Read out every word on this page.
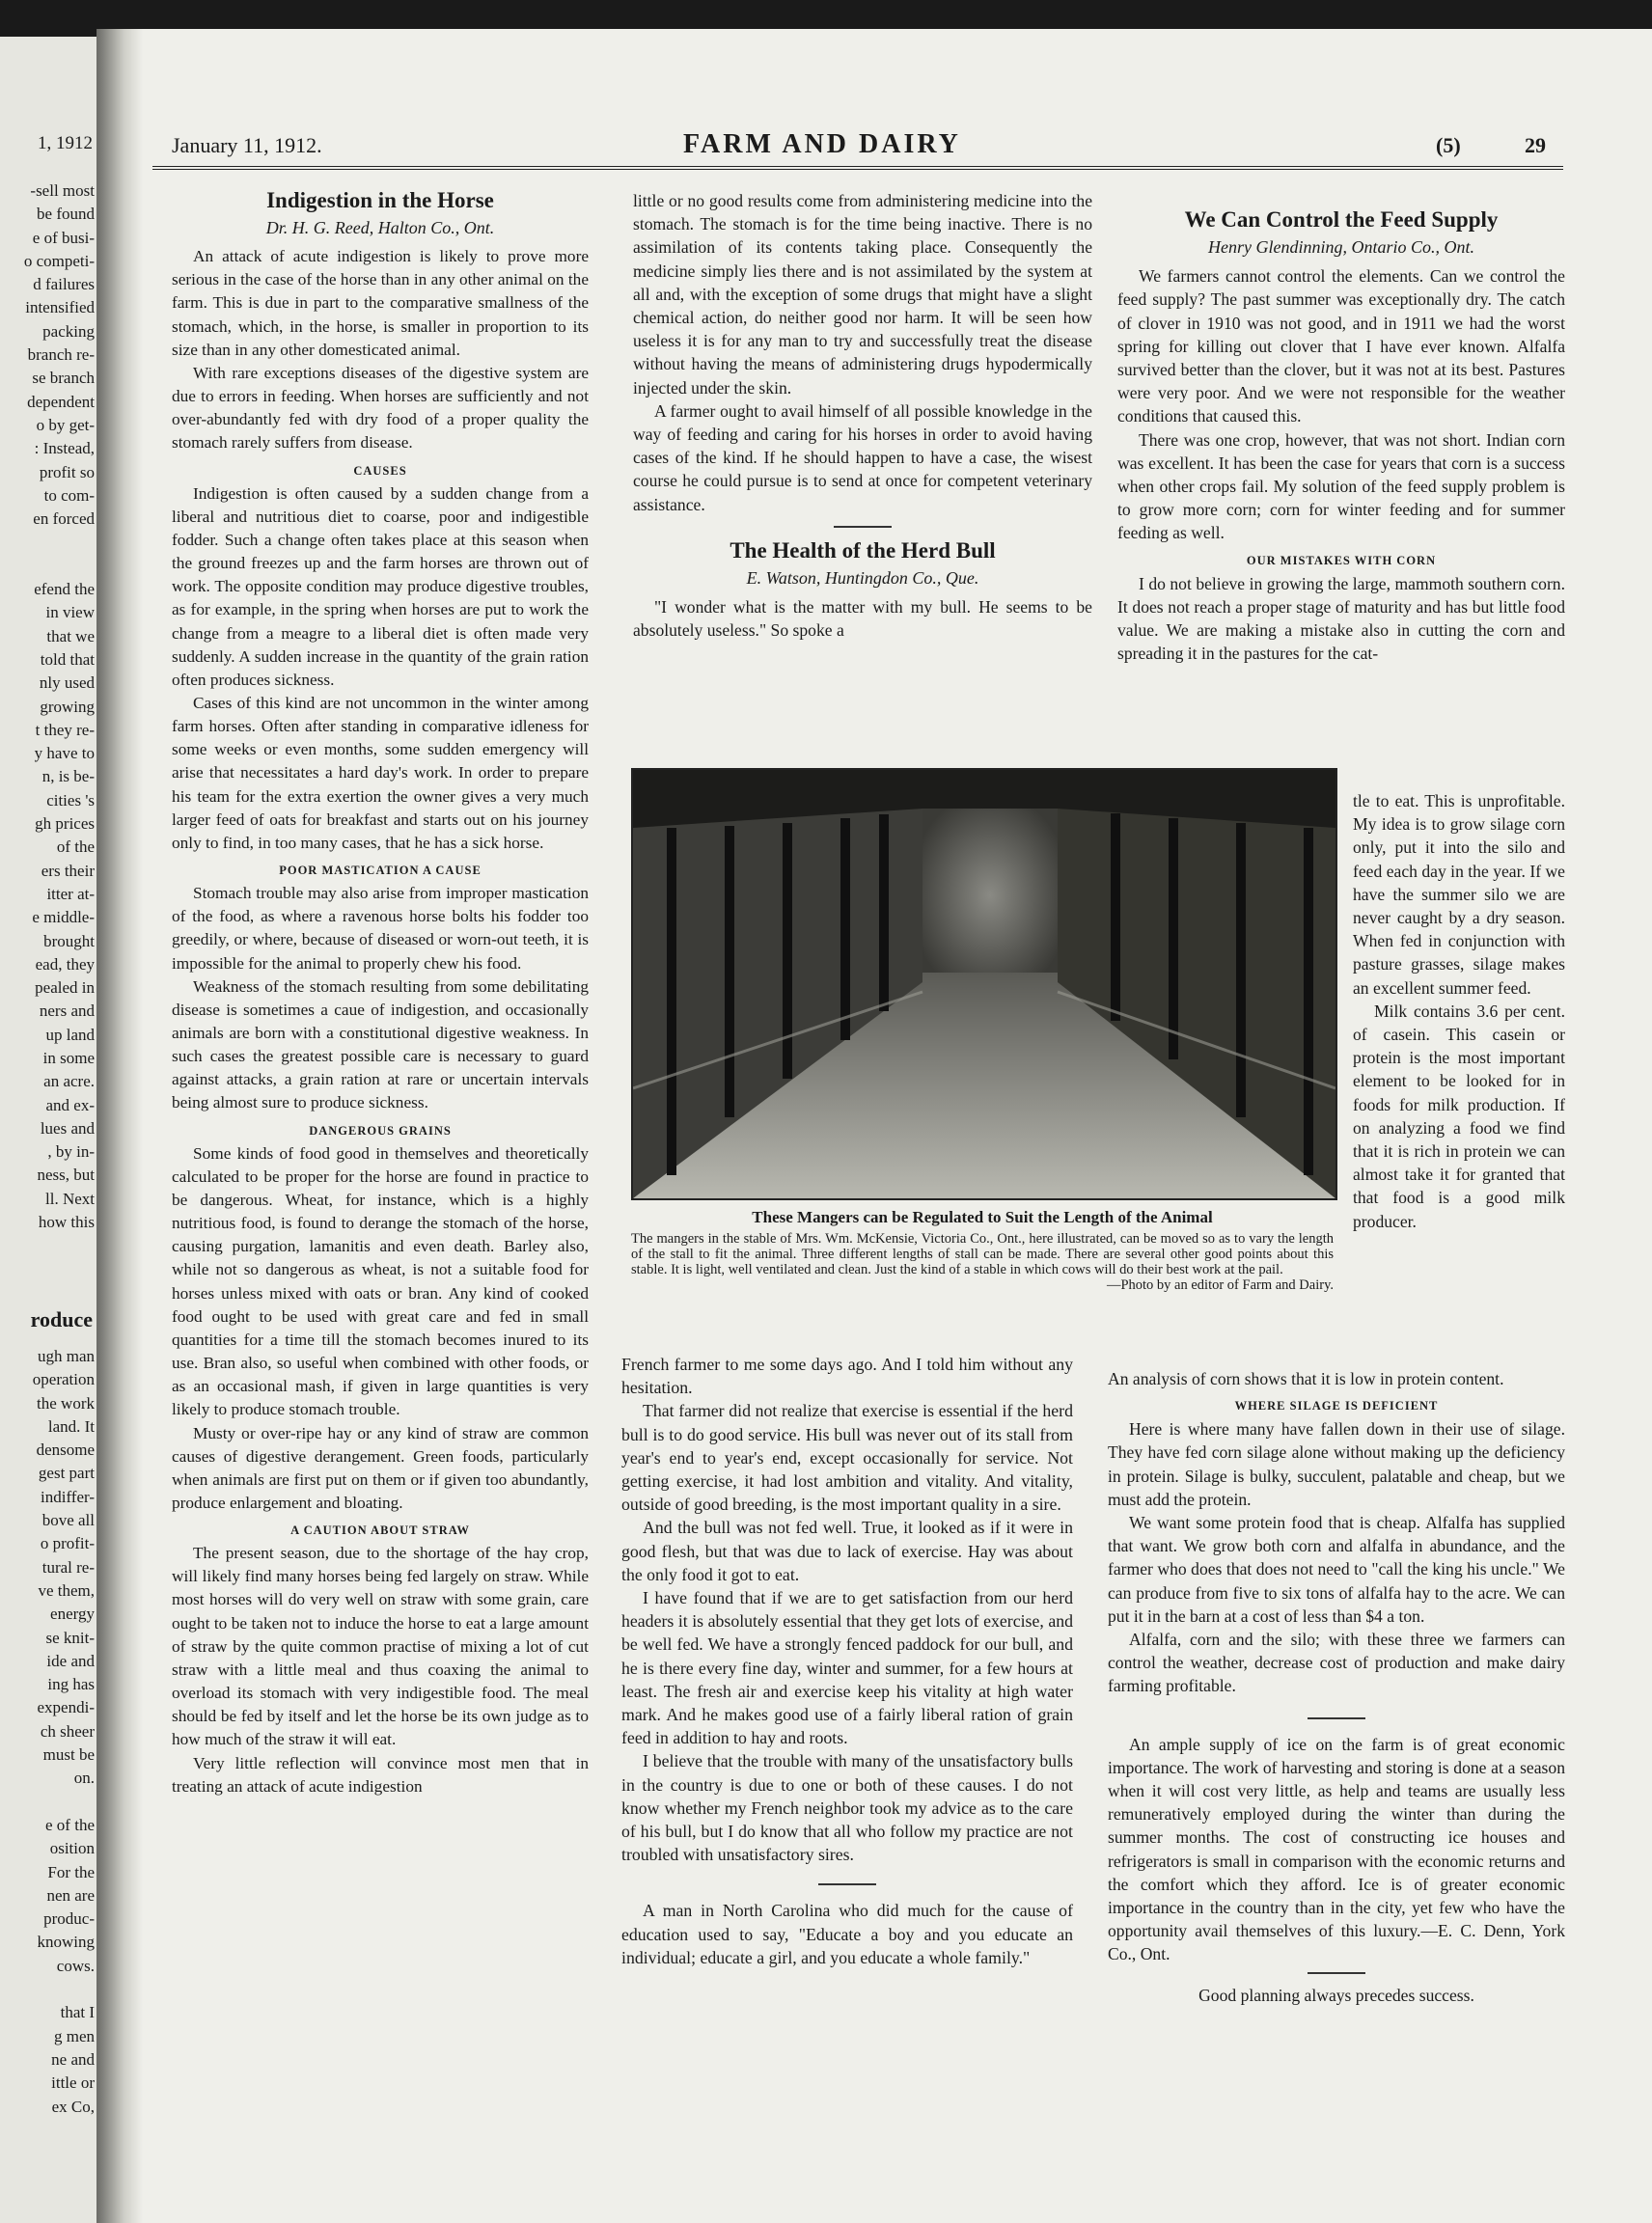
1, 1912
-sell most
be found
e of busi-
o competi-
d failures
intensified
packing
branch re-
se branch
dependent
o by get-
: Instead,
profit so
to com-
en forced
efend the
in view
that we
told that
nly used
growing
t they re-
y have to
n, is be-
cities 's
gh prices
of the
ers their
itter at-
e middle-
brought
ead, they
pealed in
ners and
up land
in some
an acre.
and ex-
lues and
, by in-
ness, but
ll. Next
how this
roduce
ugh man
operation
the work
land. It
densome
gest part
indiffer-
bove all
o profit-
tural re-
ve them,
energy
se knit-
ide and
ing has
expendi-
ch sheer
must be
on.
e of the
osition
For the
nen are
produc-
knowing
cows.
that I
g men
ne and
ittle or
ex Co,
January 11, 1912.	FARM AND DAIRY	(5)	29
Indigestion in the Horse
Dr. H. G. Reed, Halton Co., Ont.

An attack of acute indigestion is likely to prove more serious in the case of the horse than in any other animal on the farm. This is due in part to the comparative smallness of the stomach, which, in the horse, is smaller in proportion to its size than in any other domesticated animal.

With rare exceptions diseases of the digestive system are due to errors in feeding. When horses are sufficiently and not over-abundantly fed with dry food of a proper quality the stomach rarely suffers from disease.

CAUSES

Indigestion is often caused by a sudden change from a liberal and nutritious diet to coarse, poor and indigestible fodder. Such a change often takes place at this season when the ground freezes up and the farm horses are thrown out of work. The opposite condition may produce digestive troubles, as for example, in the spring when horses are put to work the change from a meagre to a liberal diet is often made very suddenly. A sudden increase in the quantity of the grain ration often produces sickness.

Cases of this kind are not uncommon in the winter among farm horses. Often after standing in comparative idleness for some weeks or even months, some sudden emergency will arise that necessitates a hard day's work. In order to prepare his team for the extra exertion the owner gives a very much larger feed of oats for breakfast and starts out on his journey only to find, in too many cases, that he has a sick horse.

POOR MASTICATION A CAUSE

Stomach trouble may also arise from improper mastication of the food, as where a ravenous horse bolts his fodder too greedily, or where, because of diseased or worn-out teeth, it is impossible for the animal to properly chew his food.

Weakness of the stomach resulting from some debilitating disease is sometimes a caue of indigestion, and occasionally animals are born with a constitutional digestive weakness. In such cases the greatest possible care is necessary to guard against attacks, a grain ration at rare or uncertain intervals being almost sure to produce sickness.

DANGEROUS GRAINS

Some kinds of food good in themselves and theoretically calculated to be proper for the horse are found in practice to be dangerous. Wheat, for instance, which is a highly nutritious food, is found to derange the stomach of the horse, causing purgation, lamanitis and even death. Barley also, while not so dangerous as wheat, is not a suitable food for horses unless mixed with oats or bran. Any kind of cooked food ought to be used with great care and fed in small quantities for a time till the stomach becomes inured to its use. Bran also, so useful when combined with other foods, or as an occasional mash, if given in large quantities is very likely to produce stomach trouble.

Musty or over-ripe hay or any kind of straw are common causes of digestive derangement. Green foods, particularly when animals are first put on them or if given too abundantly, produce enlargement and bloating.

A CAUTION ABOUT STRAW

The present season, due to the shortage of the hay crop, will likely find many horses being fed largely on straw. While most horses will do very well on straw with some grain, care ought to be taken not to induce the horse to eat a large amount of straw by the quite common practise of mixing a lot of cut straw with a little meal and thus coaxing the animal to overload its stomach with very indigestible food. The meal should be fed by itself and let the horse be its own judge as to how much of the straw it will eat.

Very little reflection will convince most men that in treating an attack of acute indigestion

little or no good results come from administering medicine into the stomach. The stomach is for the time being inactive. There is no assimilation of its contents taking place. Consequently the medicine simply lies there and is not assimilated by the system at all and, with the exception of some drugs that might have a slight chemical action, do neither good nor harm. It will be seen how useless it is for any man to try and successfully treat the disease without having the means of administering drugs hypodermically injected under the skin.

A farmer ought to avail himself of all possible knowledge in the way of feeding and caring for his horses in order to avoid having cases of the kind. If he should happen to have a case, the wisest course he could pursue is to send at once for competent veterinary assistance.

The Health of the Herd Bull
E. Watson, Huntingdon Co., Que.

"I wonder what is the matter with my bull. He seems to be absolutely useless." So spoke a

These Mangers can be Regulated to Suit the Length of the Animal
The mangers in the stable of Mrs. Wm. McKensie, Victoria Co., Ont., here illustrated, can be moved so as to vary the length of the stall to fit the animal. Three different lengths of stall can be made. There are several other good points about this stable. It is light, well ventilated and clean. Just the kind of a stable in which cows will do their best work at the pail.
—Photo by an editor of Farm and Dairy.

French farmer to me some days ago. And I told him without any hesitation.

That farmer did not realize that exercise is essential if the herd bull is to do good service. His bull was never out of its stall from year's end to year's end, except occasionally for service. Not getting exercise, it had lost ambition and vitality. And vitality, outside of good breeding, is the most important quality in a sire.

And the bull was not fed well. True, it looked as if it were in good flesh, but that was due to lack of exercise. Hay was about the only food it got to eat.

I have found that if we are to get satisfaction from our herd headers it is absolutely essential that they get lots of exercise, and be well fed. We have a strongly fenced paddock for our bull, and he is there every fine day, winter and summer, for a few hours at least. The fresh air and exercise keep his vitality at high water mark. And he makes good use of a fairly liberal ration of grain feed in addition to hay and roots.

I believe that the trouble with many of the unsatisfactory bulls in the country is due to one or both of these causes. I do not know whether my French neighbor took my advice as to the care of his bull, but I do know that all who follow my practice are not troubled with unsatisfactory sires.

A man in North Carolina who did much for the cause of education used to say, "Educate a boy and you educate an individual; educate a girl, and you educate a whole family."

We Can Control the Feed Supply
Henry Glendinning, Ontario Co., Ont.

We farmers cannot control the elements. Can we control the feed supply? The past summer was exceptionally dry. The catch of clover in 1910 was not good, and in 1911 we had the worst spring for killing out clover that I have ever known. Alfalfa survived better than the clover, but it was not at its best. Pastures were very poor. And we were not responsible for the weather conditions that caused this.

There was one crop, however, that was not short. Indian corn was excellent. It has been the case for years that corn is a success when other crops fail. My solution of the feed supply problem is to grow more corn; corn for winter feeding and for summer feeding as well.

OUR MISTAKES WITH CORN

I do not believe in growing the large, mammoth southern corn. It does not reach a proper stage of maturity and has but little food value. We are making a mistake also in cutting the corn and spreading it in the pastures for the cat-

tle to eat. This is unprofitable. My idea is to grow silage corn only, put it into the silo and feed each day in the year. If we have the summer silo we are never caught by a dry season. When fed in conjunction with pasture grasses, silage makes an excellent summer feed.

Milk contains 3.6 per cent. of casein. This casein or protein is the most important element to be looked for in foods for milk production. If on analyzing a food we find that it is rich in protein we can almost take it for granted that that food is a good milk producer.

An analysis of corn shows that it is low in protein content.

WHERE SILAGE IS DEFICIENT

Here is where many have fallen down in their use of silage. They have fed corn silage alone without making up the deficiency in protein. Silage is bulky, succulent, palatable and cheap, but we must add the protein.

We want some protein food that is cheap. Alfalfa has supplied that want. We grow both corn and alfalfa in abundance, and the farmer who does that does not need to "call the king his uncle." We can produce from five to six tons of alfalfa hay to the acre. We can put it in the barn at a cost of less than $4 a ton.

Alfalfa, corn and the silo; with these three we farmers can control the weather, decrease cost of production and make dairy farming profitable.

An ample supply of ice on the farm is of great economic importance. The work of harvesting and storing is done at a season when it will cost very little, as help and teams are usually less remuneratively employed during the winter than during the summer months. The cost of constructing ice houses and refrigerators is small in comparison with the economic returns and the comfort which they afford. Ice is of greater economic importance in the country than in the city, yet few who have the opportunity avail themselves of this luxury.—E. C. Denn, York Co., Ont.

Good planning always precedes success.
